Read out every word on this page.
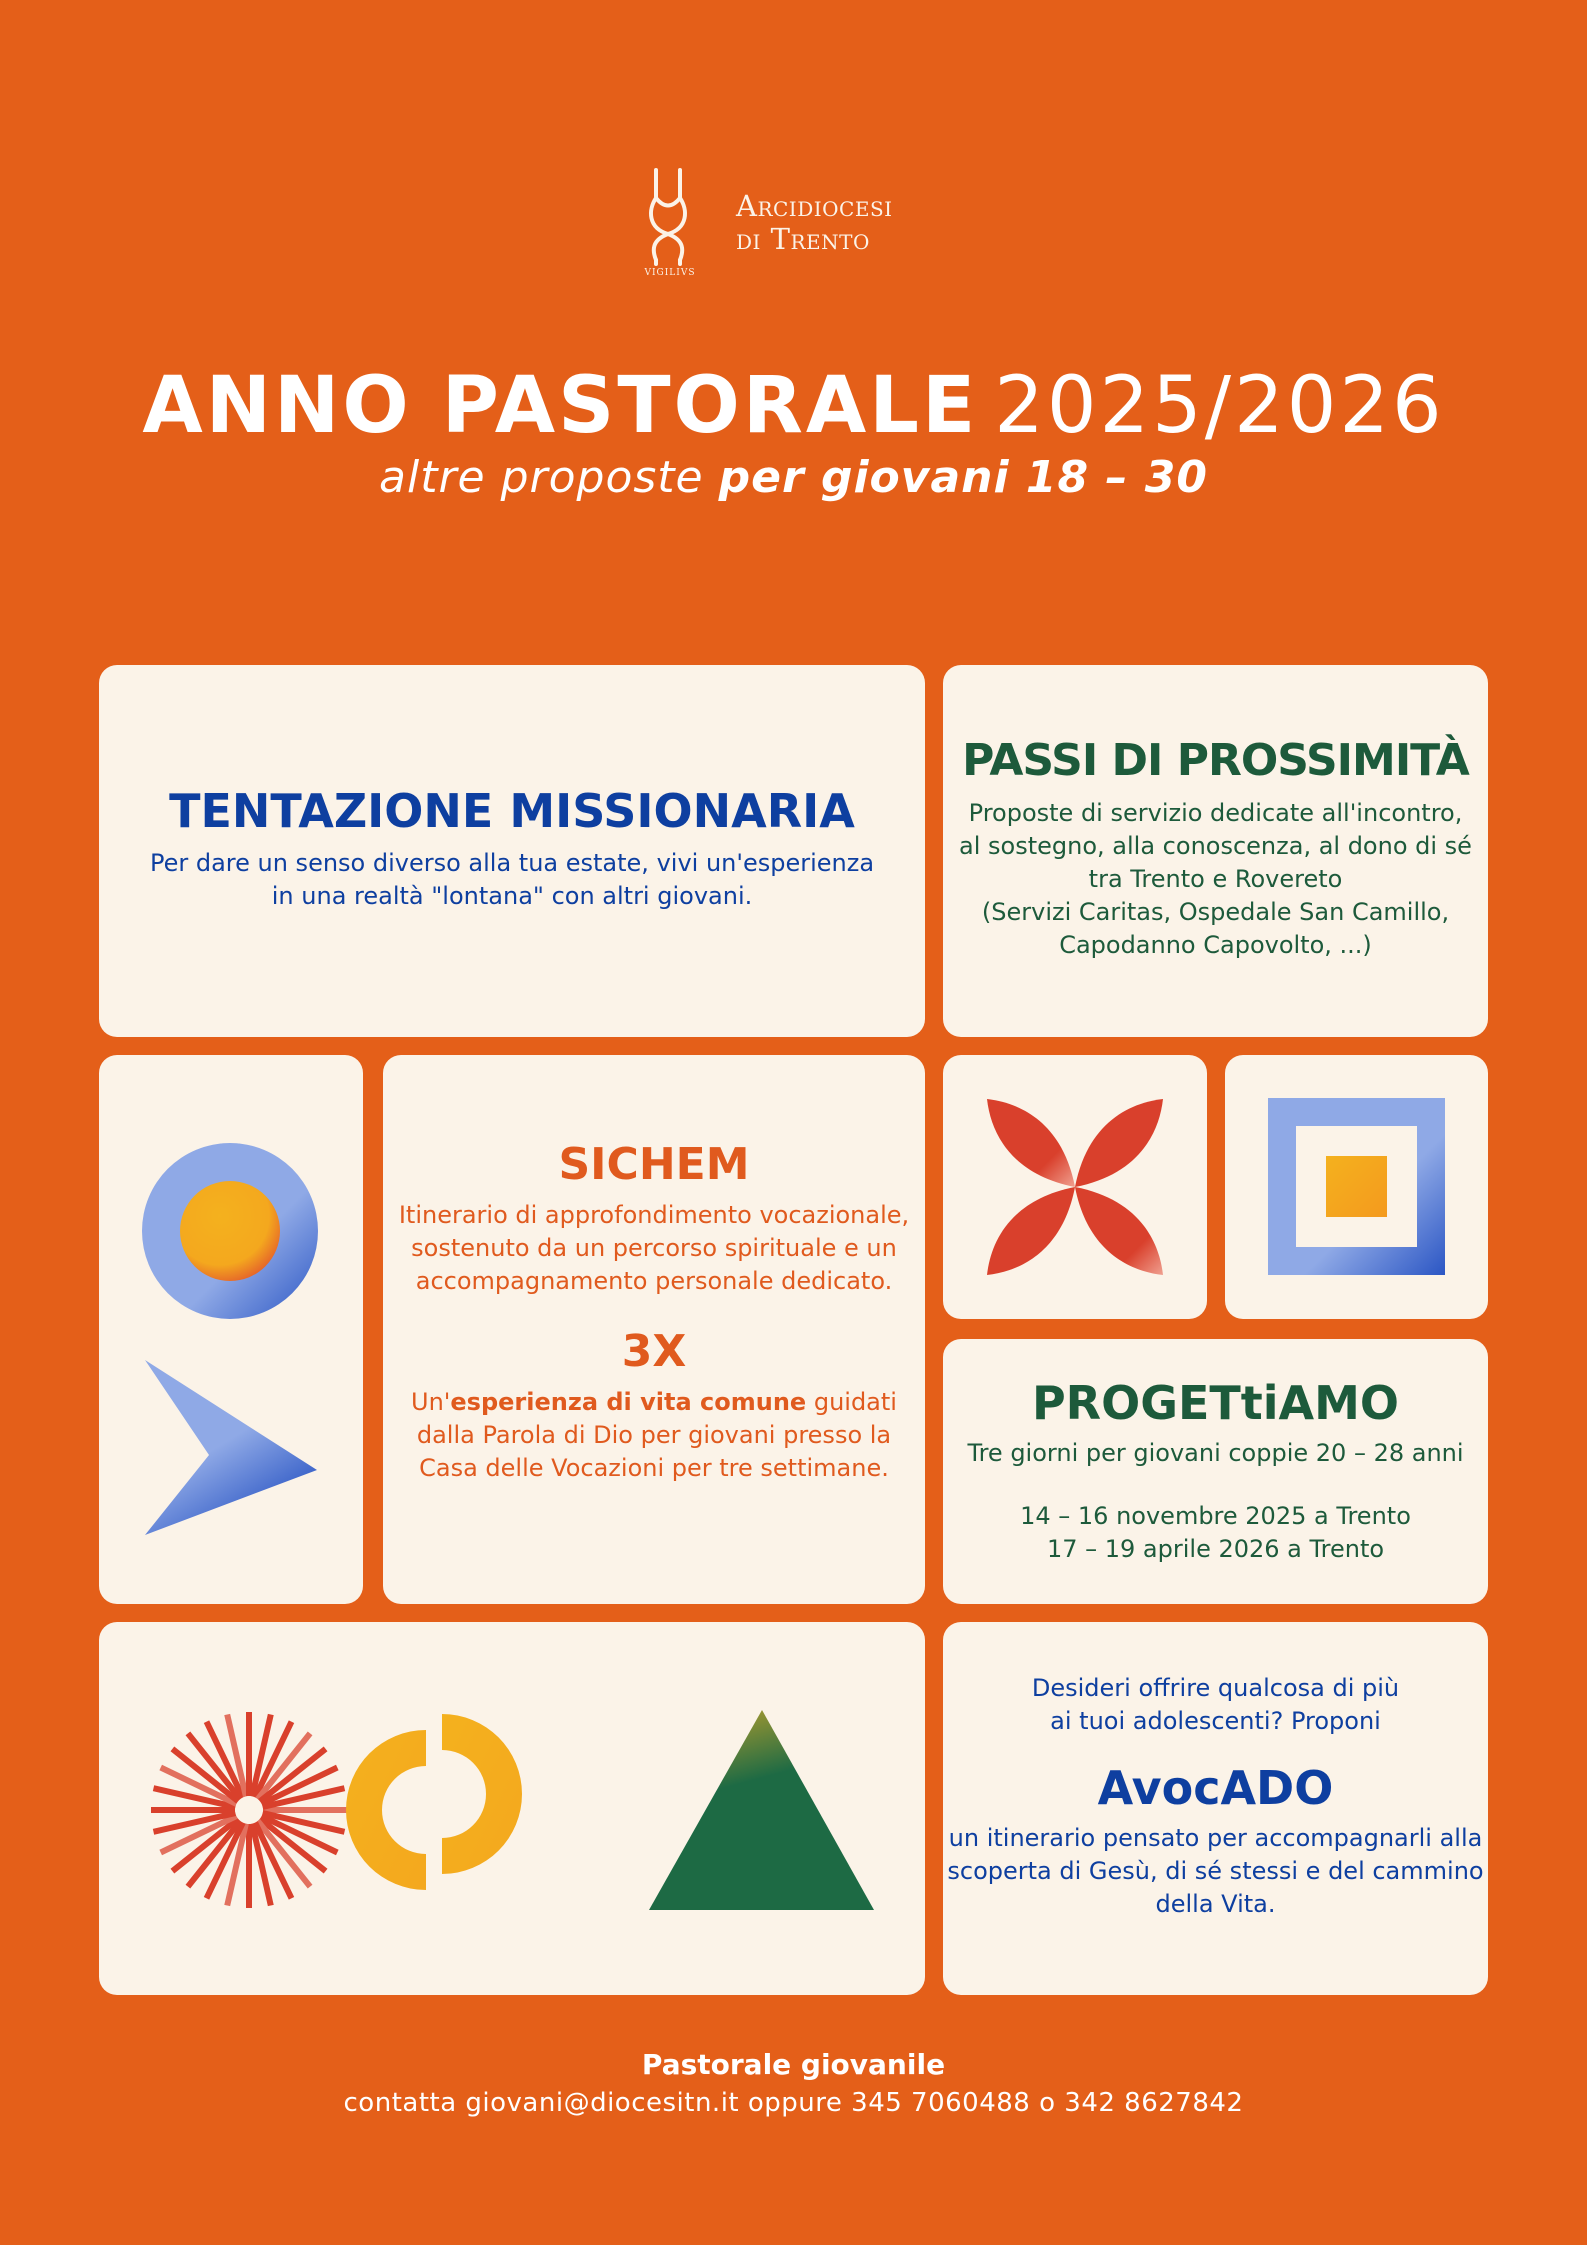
VIGILIVS
Arcidiocesi
di Trento
ANNO PASTORALE 2025/2026
altre proposte per giovani 18 – 30

TENTAZIONE MISSIONARIA

Per dare un senso diverso alla tua estate, vivi un'esperienza

in una realtà "lontana" con altri giovani.

PASSI DI PROSSIMITÀ

Proposte di servizio dedicate all'incontro,

al sostegno, alla conoscenza, al dono di sé

tra Trento e Rovereto

(Servizi Caritas, Ospedale San Camillo,

Capodanno Capovolto, ...)

SICHEM

Itinerario di approfondimento vocazionale,

sostenuto da un percorso spirituale e un

accompagnamento personale dedicato.

3X

Un'esperienza di vita comune guidati

dalla Parola di Dio per giovani presso la

Casa delle Vocazioni per tre settimane.

PROGETtiAMO

Tre giorni per giovani coppie 20 – 28 anni

14 – 16 novembre 2025 a Trento

17 – 19 aprile 2026 a Trento

Desideri offrire qualcosa di più

ai tuoi adolescenti? Proponi

AvocADO

un itinerario pensato per accompagnarli alla

scoperta di Gesù, di sé stessi e del cammino

della Vita.

Pastorale giovanile
contatta giovani@diocesitn.it oppure 345 7060488 o 342 8627842
